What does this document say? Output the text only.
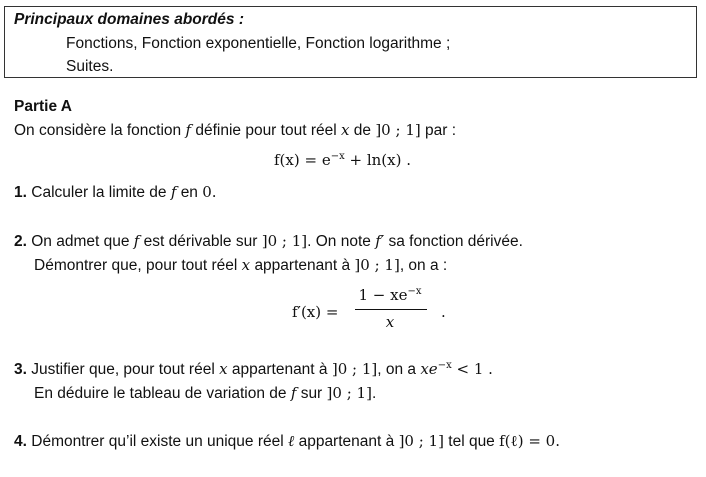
Principaux domaines abordés :
Fonctions, Fonction exponentielle, Fonction logarithme ;
Suites.
Partie A
On considère la fonction f définie pour tout réel x de ]0 ; 1] par :
$f(x) = e^{-x} + \ln(x)$ .
1. Calculer la limite de f en 0.
2. On admet que f est dérivable sur ]0 ; 1]. On note f′ sa fonction dérivée.
Démontrer que, pour tout réel x appartenant à ]0 ; 1], on a :
f′(x) =
$1 - xe^{-x}$
x
.
3. Justifier que, pour tout réel x appartenant à ]0 ; 1], on a $xe^{-x} < 1$ .
En déduire le tableau de variation de f sur ]0 ; 1].
4. Démontrer qu’il existe un unique réel ℓ appartenant à ]0 ; 1] tel que f(ℓ) = 0.
